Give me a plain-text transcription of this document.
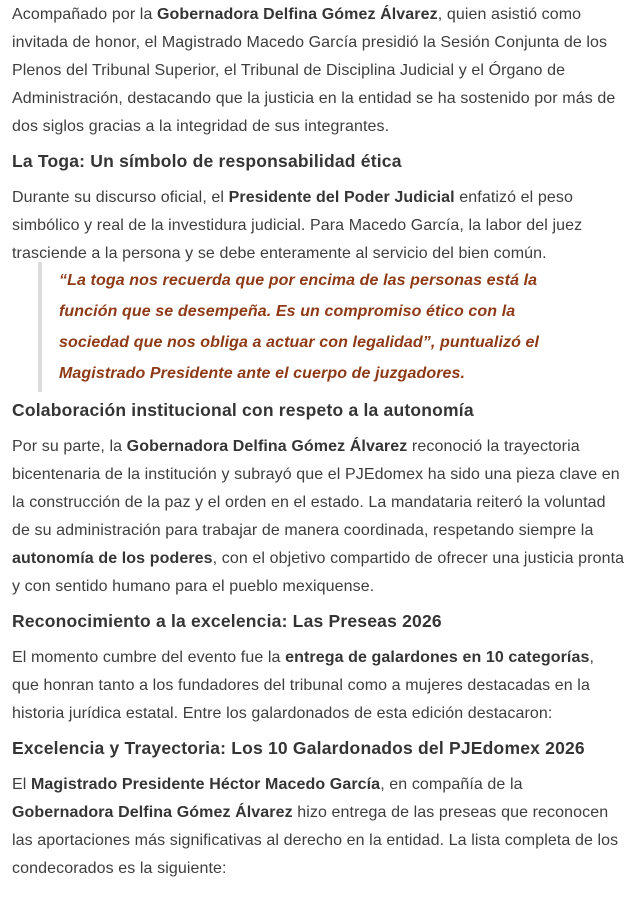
Acompañado por la Gobernadora Delfina Gómez Álvarez, quien asistió como invitada de honor, el Magistrado Macedo García presidió la Sesión Conjunta de los Plenos del Tribunal Superior, el Tribunal de Disciplina Judicial y el Órgano de Administración, destacando que la justicia en la entidad se ha sostenido por más de dos siglos gracias a la integridad de sus integrantes.

La Toga: Un símbolo de responsabilidad ética

Durante su discurso oficial, el Presidente del Poder Judicial enfatizó el peso simbólico y real de la investidura judicial. Para Macedo García, la labor del juez trasciende a la persona y se debe enteramente al servicio del bien común.

“La toga nos recuerda que por encima de las personas está la función que se desempeña. Es un compromiso ético con la sociedad que nos obliga a actuar con legalidad”, puntualizó el Magistrado Presidente ante el cuerpo de juzgadores.
Colaboración institucional con respeto a la autonomía

Por su parte, la Gobernadora Delfina Gómez Álvarez reconoció la trayectoria bicentenaria de la institución y subrayó que el PJEdomex ha sido una pieza clave en la construcción de la paz y el orden en el estado. La mandataria reiteró la voluntad de su administración para trabajar de manera coordinada, respetando siempre la autonomía de los poderes, con el objetivo compartido de ofrecer una justicia pronta y con sentido humano para el pueblo mexiquense.

Reconocimiento a la excelencia: Las Preseas 2026

El momento cumbre del evento fue la entrega de galardones en 10 categorías, que honran tanto a los fundadores del tribunal como a mujeres destacadas en la historia jurídica estatal. Entre los galardonados de esta edición destacaron:

Excelencia y Trayectoria: Los 10 Galardonados del PJEdomex 2026

El Magistrado Presidente Héctor Macedo García, en compañía de la Gobernadora Delfina Gómez Álvarez hizo entrega de las preseas que reconocen las aportaciones más significativas al derecho en la entidad. La lista completa de los condecorados es la siguiente:
